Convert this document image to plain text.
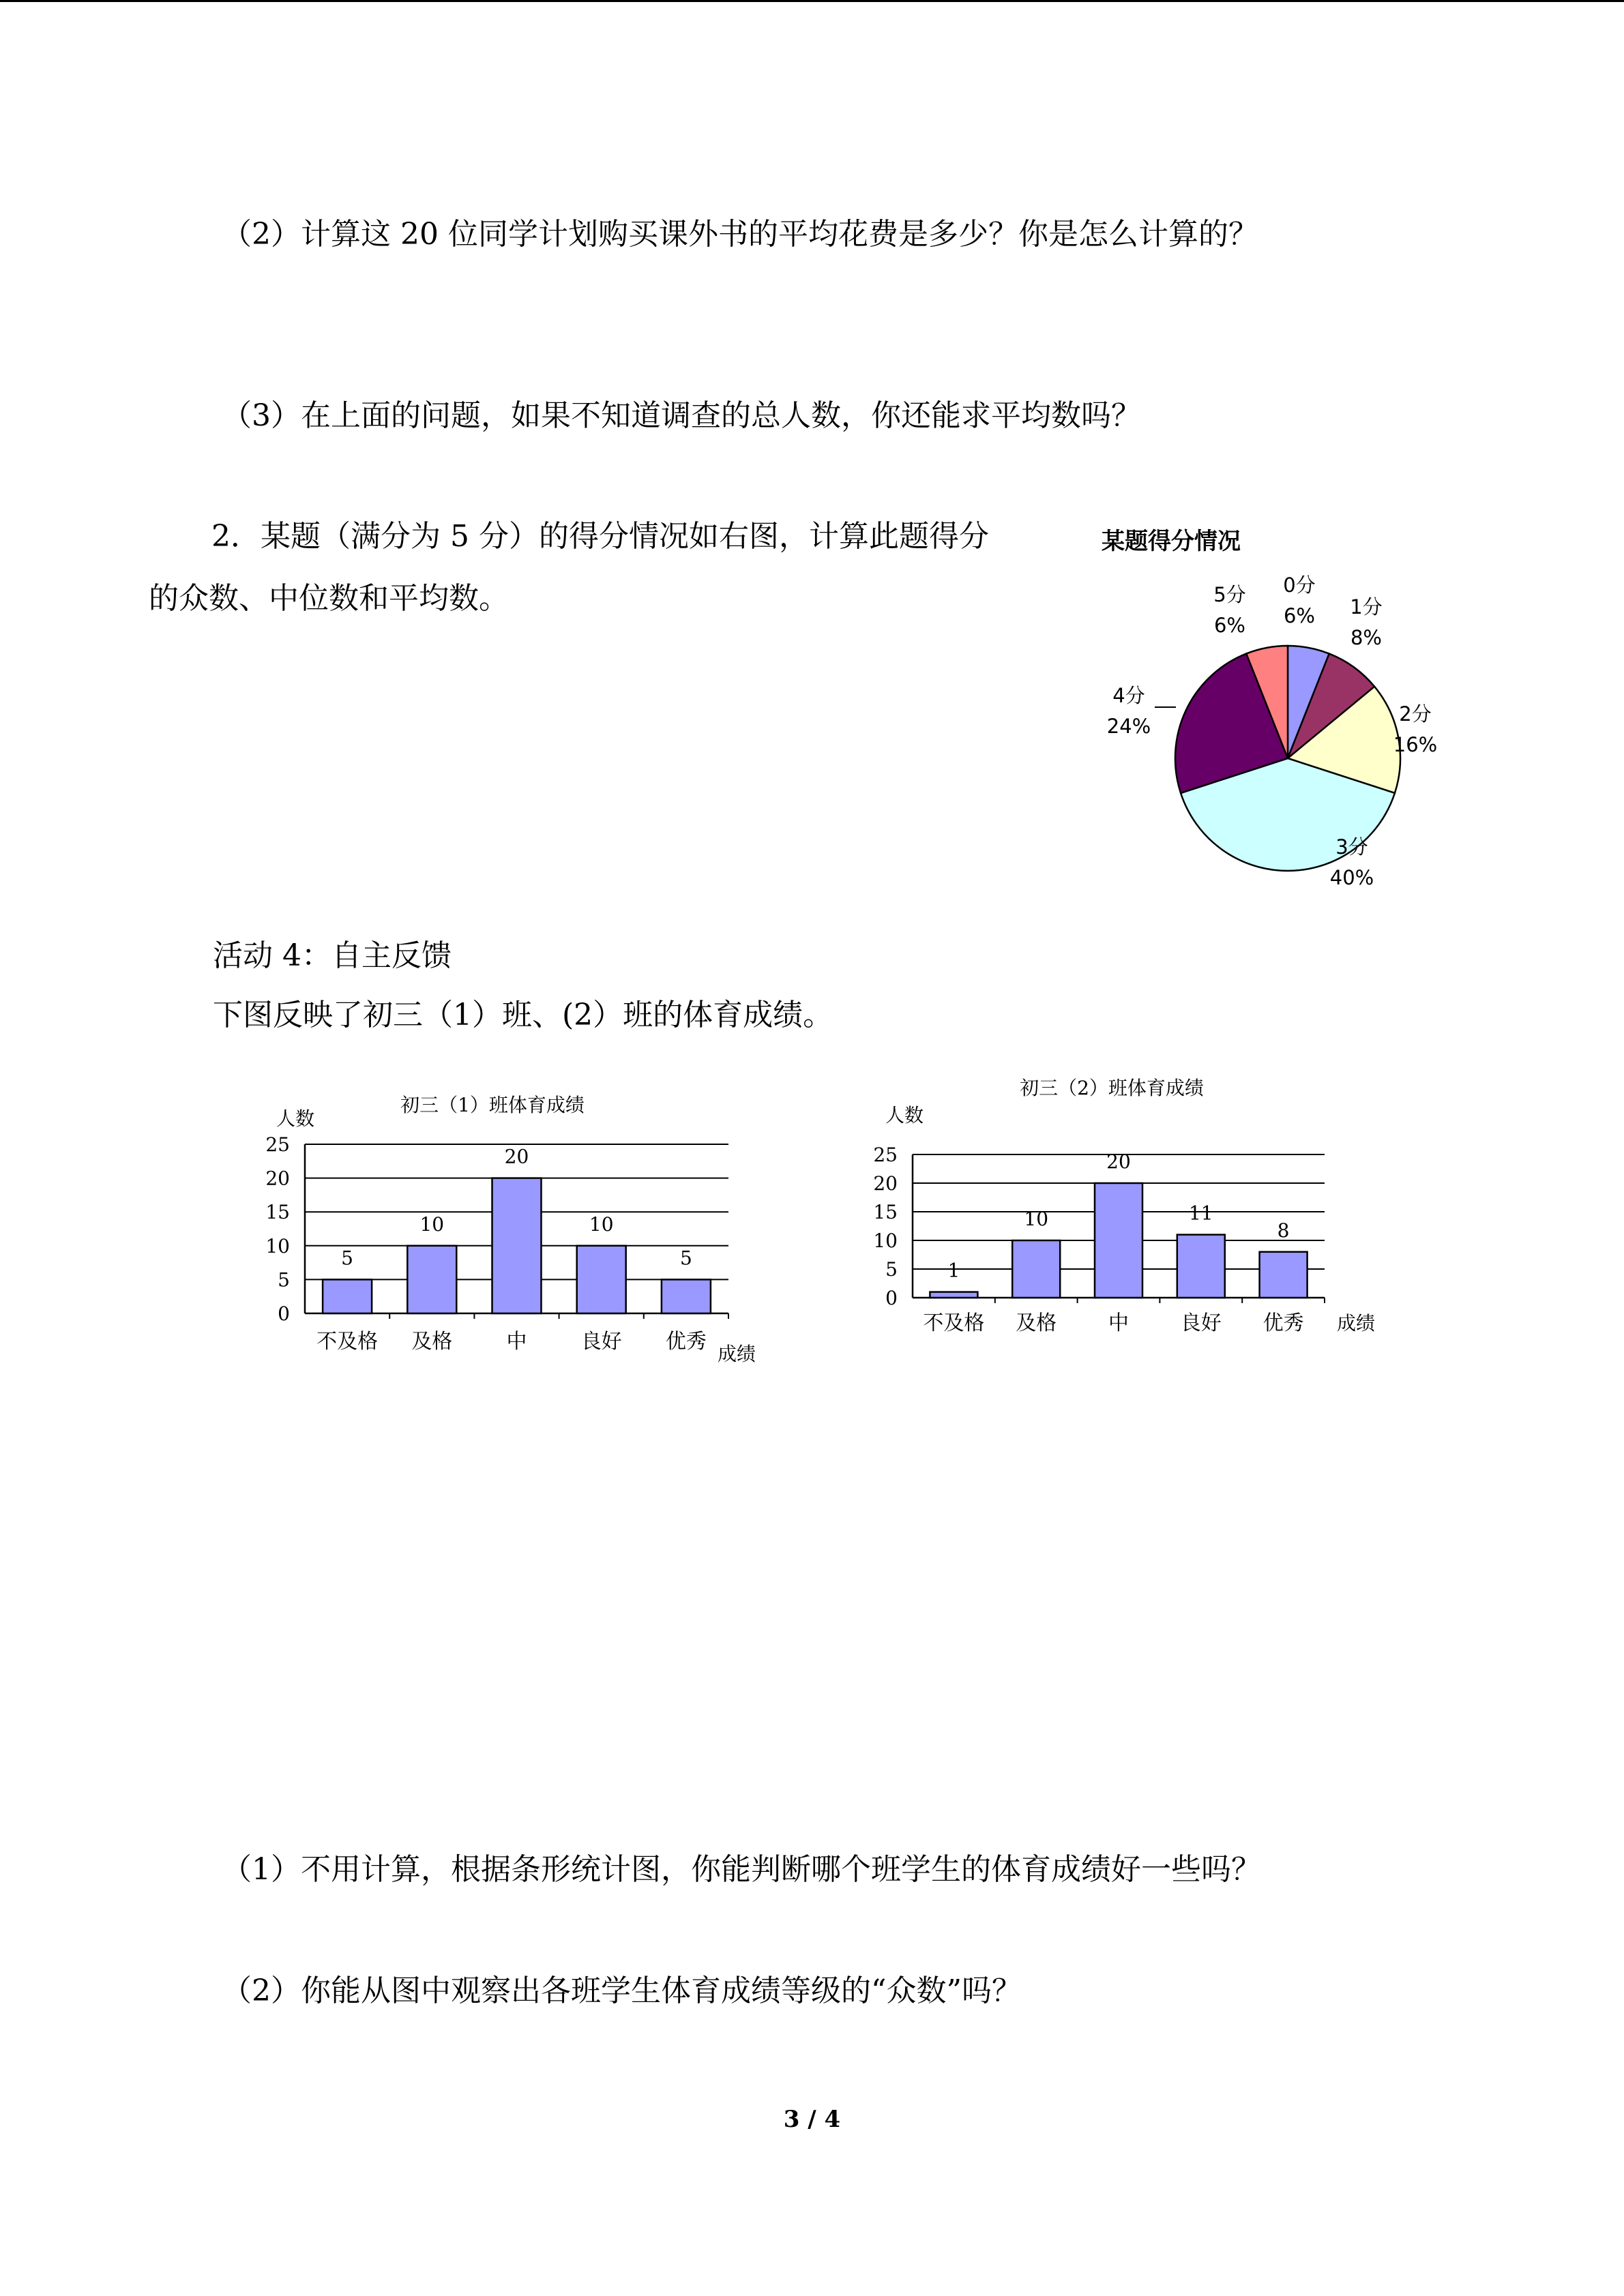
（2）计算这 20 位同学计划购买课外书的平均花费是多少？你是怎么计算的？
（3）在上面的问题，如果不知道调查的总人数，你还能求平均数吗？
2．某题（满分为 5 分）的得分情况如右图，计算此题得分
的众数、中位数和平均数。
活动 4：自主反馈
下图反映了初三（1）班、(2）班的体育成绩。
（1）不用计算，根据条形统计图，你能判断哪个班学生的体育成绩好一些吗？
（2）你能从图中观察出各班学生体育成绩等级的“众数”吗？
3 / 4
某题得分情况
0分
6% 1分
8%
2分
16%
3分
40%
4分
24%
5分
6%
初三（1）班体育成绩
人数
成绩
0
5
10
15
20
25
5
不及格
10
及格
20
中
10
良好
5
优秀
初三（2）班体育成绩
人数
成绩
0
5
10
15
20
25
1
不及格
10
及格
20
中
11
良好
8
优秀
